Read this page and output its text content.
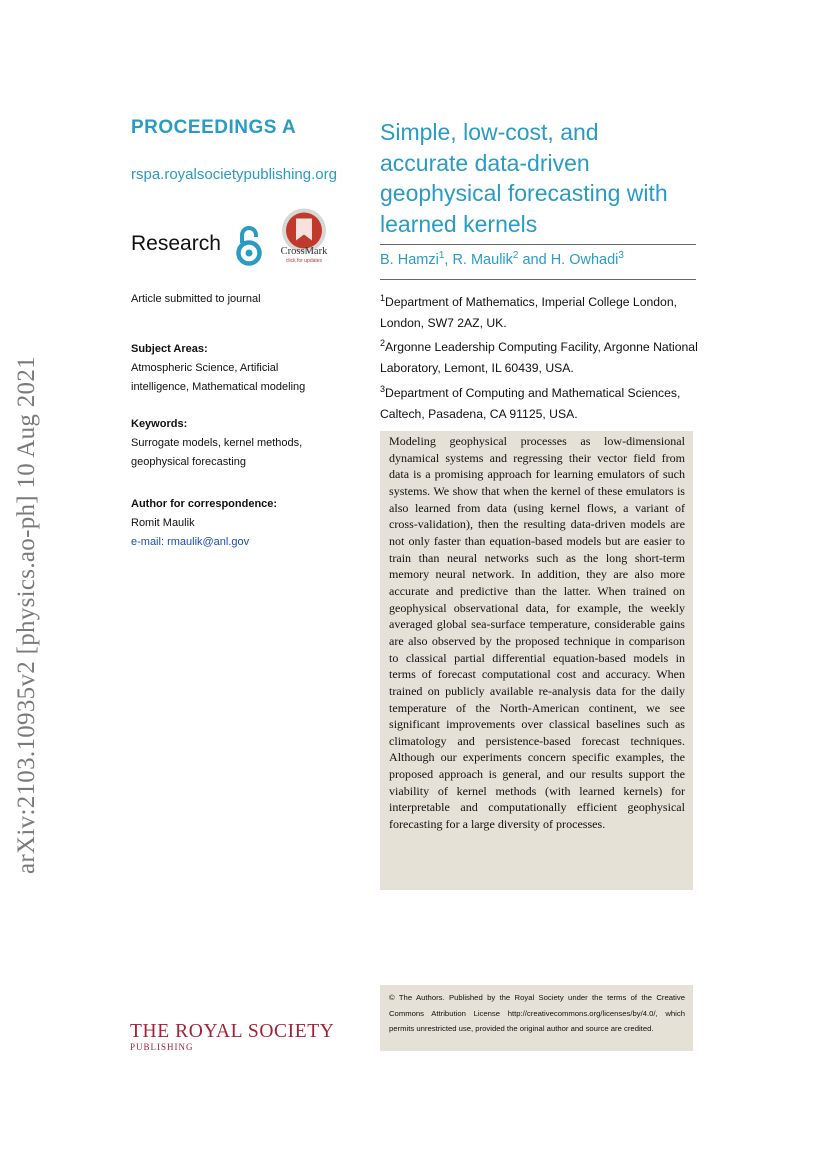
arXiv:2103.10935v2 [physics.ao-ph] 10 Aug 2021
PROCEEDINGS A
rspa.royalsocietypublishing.org
Research	CrossMark
click for updates
Article submitted to journal
Subject Areas:
Atmospheric Science, Artificial
intelligence, Mathematical modeling
Keywords:
Surrogate models, kernel methods,
geophysical forecasting
Author for correspondence:
Romit Maulik
e-mail: rmaulik@anl.gov
Simple, low-cost, and accurate data-driven geophysical forecasting with learned kernels
B. Hamzi$^1$, R. Maulik$^2$ and H. Owhadi$^3$
$^1$Department of Mathematics, Imperial College London, London, SW7 2AZ, UK.
$^2$Argonne Leadership Computing Facility, Argonne National Laboratory, Lemont, IL 60439, USA.
$^3$Department of Computing and Mathematical Sciences, Caltech, Pasadena, CA 91125, USA.

Modeling geophysical processes as low-dimensional dynamical systems and regressing their vector field from data is a promising approach for learning emulators of such systems. We show that when the kernel of these emulators is also learned from data (using kernel flows, a variant of cross-validation), then the resulting data-driven models are not only faster than equation-based models but are easier to train than neural networks such as the long short-term memory neural network. In addition, they are also more accurate and predictive than the latter. When trained on geophysical observational data, for example, the weekly averaged global sea-surface temperature, considerable gains are also observed by the proposed technique in comparison to classical partial differential equation-based models in terms of forecast computational cost and accuracy. When trained on publicly available re-analysis data for the daily temperature of the North-American continent, we see significant improvements over classical baselines such as climatology and persistence-based forecast techniques. Although our experiments concern specific examples, the proposed approach is general, and our results support the viability of kernel methods (with learned kernels) for interpretable and computationally efficient geophysical forecasting for a large diversity of processes.

© The Authors. Published by the Royal Society under the terms of the Creative Commons Attribution License http://creativecommons.org/licenses/by/4.0/, which permits unrestricted use, provided the original author and source are credited.

THE ROYAL SOCIETY
PUBLISHING
